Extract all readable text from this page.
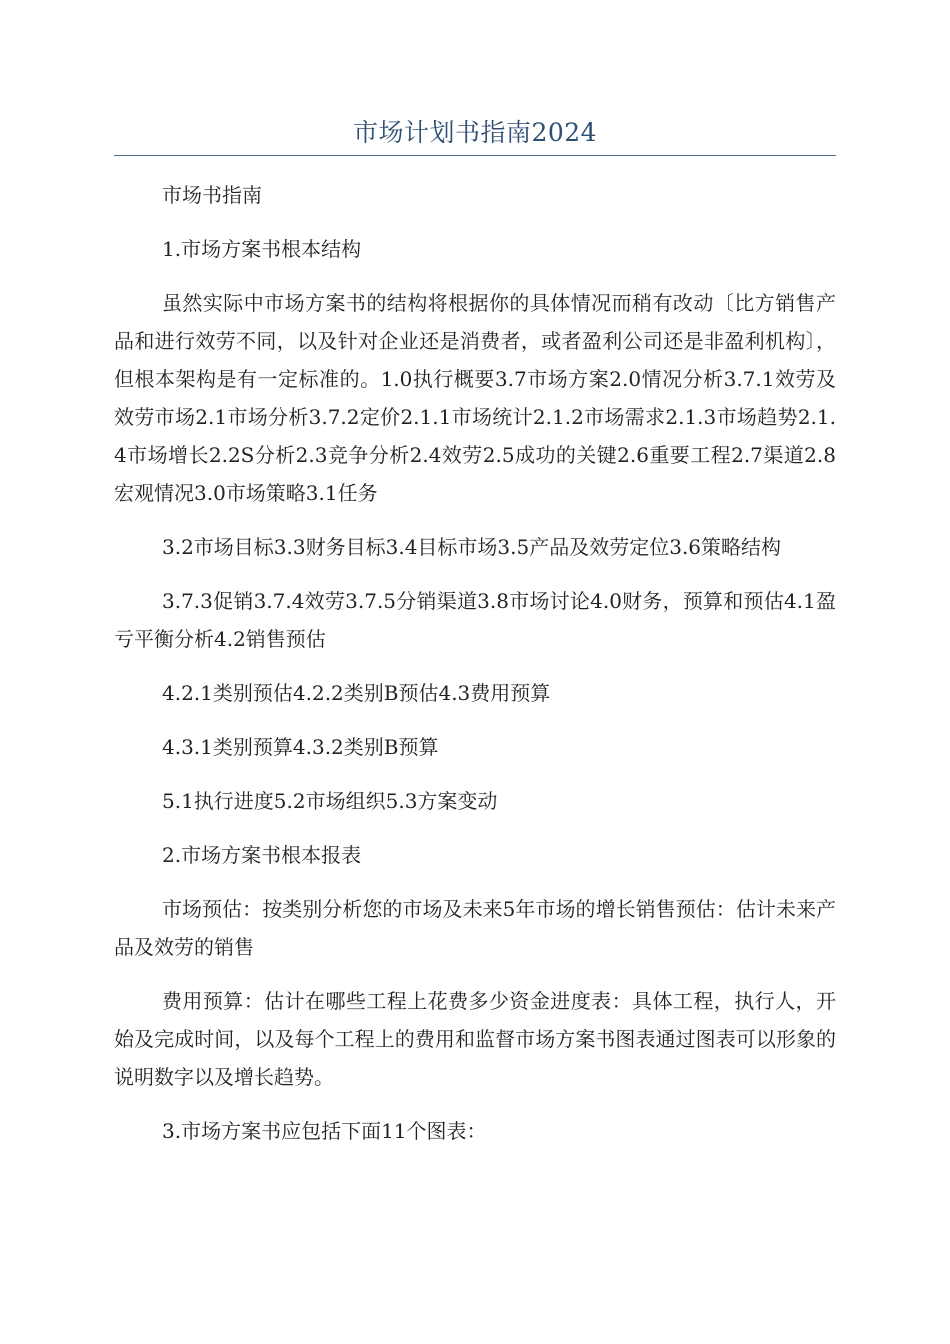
市场计划书指南2024

市场书指南

1.市场方案书根本结构

虽然实际中市场方案书的结构将根据你的具体情况而稍有改动〔比方销售产品和进行效劳不同，以及针对企业还是消费者，或者盈利公司还是非盈利机构〕，但根本架构是有一定标准的。1.0执行概要3.7市场方案2.0情况分析3.7.1效劳及效劳市场2.1市场分析3.7.2定价2.1.1市场统计2.1.2市场需求2.1.3市场趋势2.1.4市场增长2.2S分析2.3竞争分析2.4效劳2.5成功的关键2.6重要工程2.7渠道2.8宏观情况3.0市场策略3.1任务

3.2市场目标3.3财务目标3.4目标市场3.5产品及效劳定位3.6策略结构

3.7.3促销3.7.4效劳3.7.5分销渠道3.8市场讨论4.0财务，预算和预估4.1盈亏平衡分析4.2销售预估

4.2.1类别预估4.2.2类别B预估4.3费用预算

4.3.1类别预算4.3.2类别B预算

5.1执行进度5.2市场组织5.3方案变动

2.市场方案书根本报表

市场预估：按类别分析您的市场及未来5年市场的增长销售预估：估计未来产品及效劳的销售

费用预算：估计在哪些工程上花费多少资金进度表：具体工程，执行人，开始及完成时间，以及每个工程上的费用和监督市场方案书图表通过图表可以形象的说明数字以及增长趋势。

3.市场方案书应包括下面11个图表：
